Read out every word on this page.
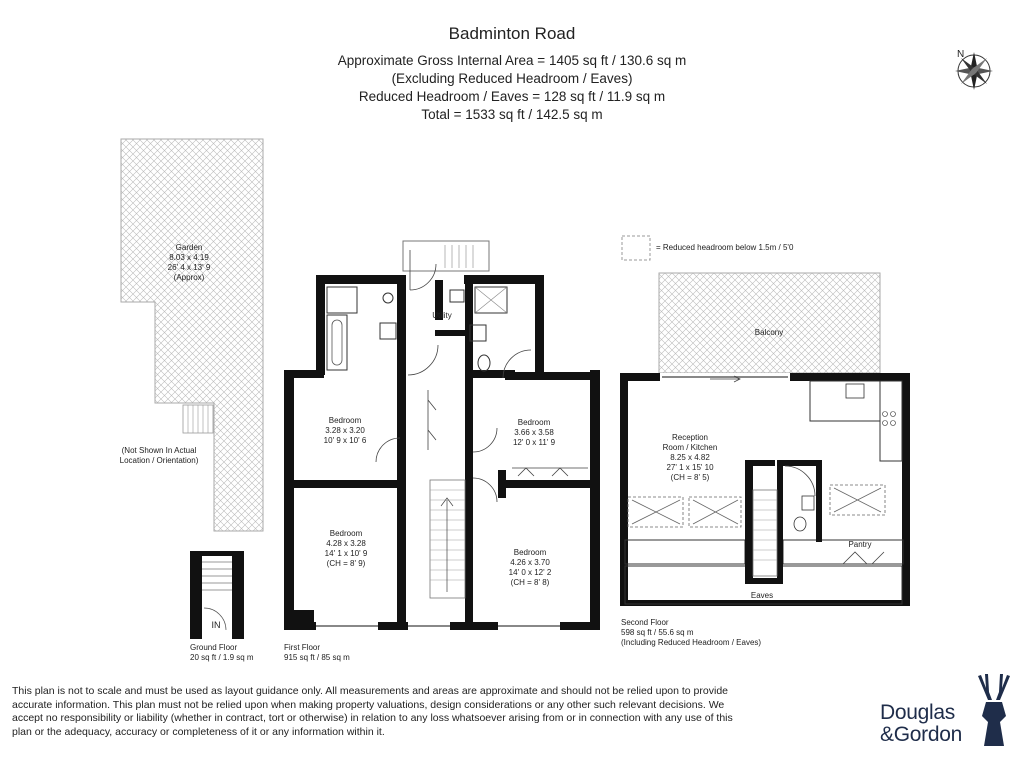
Badminton Road
Approximate Gross Internal Area = 1405 sq ft / 130.6 sq m
(Excluding Reduced Headroom / Eaves)
Reduced Headroom / Eaves = 128 sq ft / 11.9 sq m
Total = 1533 sq ft / 142.5 sq m
N
= Reduced headroom below 1.5m / 5'0
Garden
8.03 x 4.19
26' 4 x 13' 9
(Approx)
(Not Shown In Actual
Location / Orientation)
IN
Ground Floor
20 sq ft / 1.9 sq m
Utility
Bedroom
3.28 x 3.20
10' 9 x 10' 6
Bedroom
4.28 x 3.28
14' 1 x 10' 9
(CH = 8' 9)
Bedroom
3.66 x 3.58
12' 0 x 11' 9
Bedroom
4.26 x 3.70
14' 0 x 12' 2
(CH = 8' 8)
First Floor
915 sq ft / 85 sq m
Balcony
Reception
Room / Kitchen
8.25 x 4.82
27' 1 x 15' 10
(CH = 8' 5)
Pantry
Eaves
Second Floor
598 sq ft / 55.6 sq m
(Including Reduced Headroom / Eaves)
This plan is not to scale and must be used as layout guidance only. All measurements and areas are approximate and should not be relied upon to provide accurate information. This plan must not be relied upon when making property valuations, design considerations or any other such relevant decisions. We accept no responsibility or liability (whether in contract, tort or otherwise) in relation to any loss whatsoever arising from or in connection with any use of this plan or the adequacy, accuracy or completeness of it or any information within it.
Douglas
&Gordon
